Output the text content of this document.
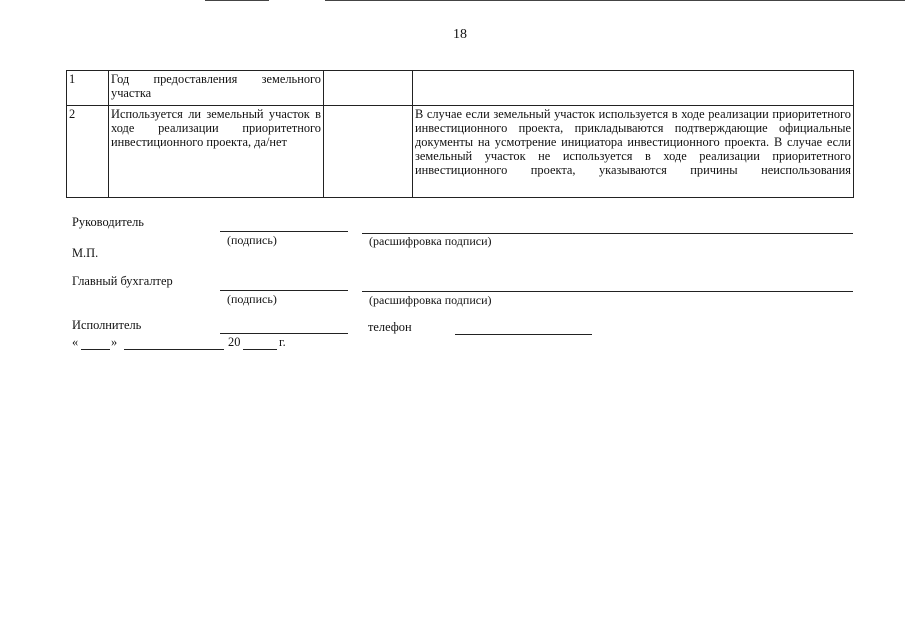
18
1	Год предоставления земельного участка		
2	Используется ли земельный участок в ходе реализации приоритетного инвестиционного проекта, да/нет		В случае если земельный участок используется в ходе реализации приоритетного инвестиционного проекта, прикладываются подтверждающие официальные документы на усмотрение инициатора инвестиционного проекта. В случае если земельный участок не используется в ходе реализации приоритетного инвестиционного проекта, указываются причины неиспользования
Руководитель
(подпись)	(расшифровка подписи)
М.П.
Главный бухгалтер
(подпись)	(расшифровка подписи)
Исполнитель	телефон
«	»	20	г.
